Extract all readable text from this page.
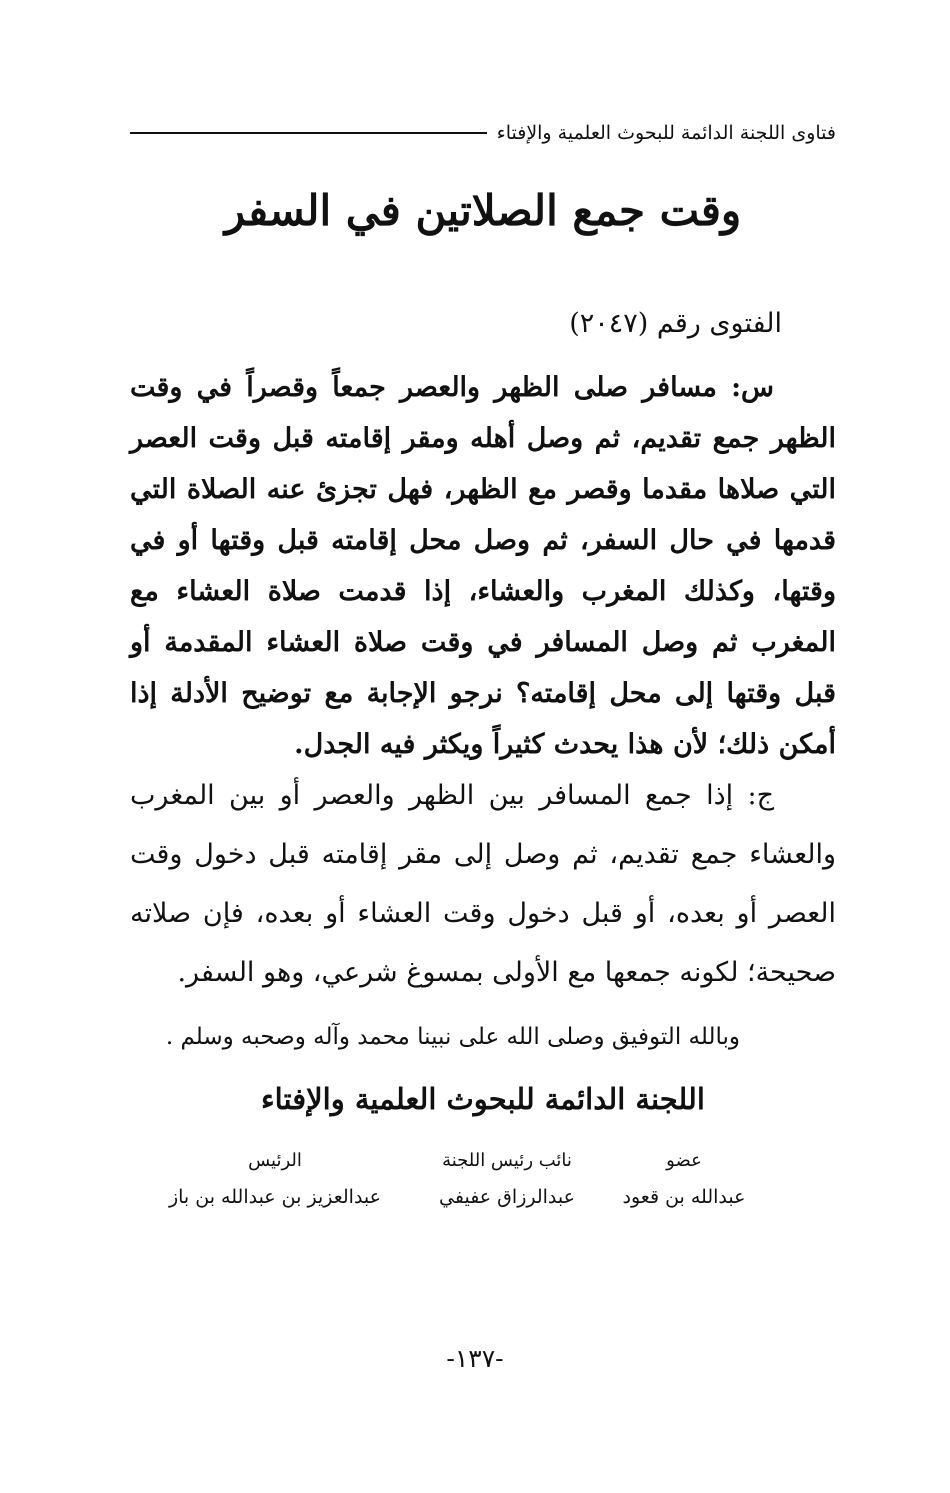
فتاوى اللجنة الدائمة للبحوث العلمية والإفتاء
وقت جمع الصلاتين في السفر
الفتوى رقم (٢٠٤٧)
س: مسافر صلى الظهر والعصر جمعاً وقصراً في وقت الظهر جمع تقديم، ثم وصل أهله ومقر إقامته قبل وقت العصر التي صلاها مقدما وقصر مع الظهر، فهل تجزئ عنه الصلاة التي قدمها في حال السفر، ثم وصل محل إقامته قبل وقتها أو في وقتها، وكذلك المغرب والعشاء، إذا قدمت صلاة العشاء مع المغرب ثم وصل المسافر في وقت صلاة العشاء المقدمة أو قبل وقتها إلى محل إقامته؟ نرجو الإجابة مع توضيح الأدلة إذا أمكن ذلك؛ لأن هذا يحدث كثيراً ويكثر فيه الجدل.
ج: إذا جمع المسافر بين الظهر والعصر أو بين المغرب والعشاء جمع تقديم، ثم وصل إلى مقر إقامته قبل دخول وقت العصر أو بعده، أو قبل دخول وقت العشاء أو بعده، فإن صلاته صحيحة؛ لكونه جمعها مع الأولى بمسوغ شرعي، وهو السفر.
وبالله التوفيق وصلى الله على نبينا محمد وآله وصحبه وسلم .
اللجنة الدائمة للبحوث العلمية والإفتاء
عضو
عبدالله بن قعود
نائب رئيس اللجنة
عبدالرزاق عفيفي
الرئيس
عبدالعزيز بن عبدالله بن باز
-١٣٧-
